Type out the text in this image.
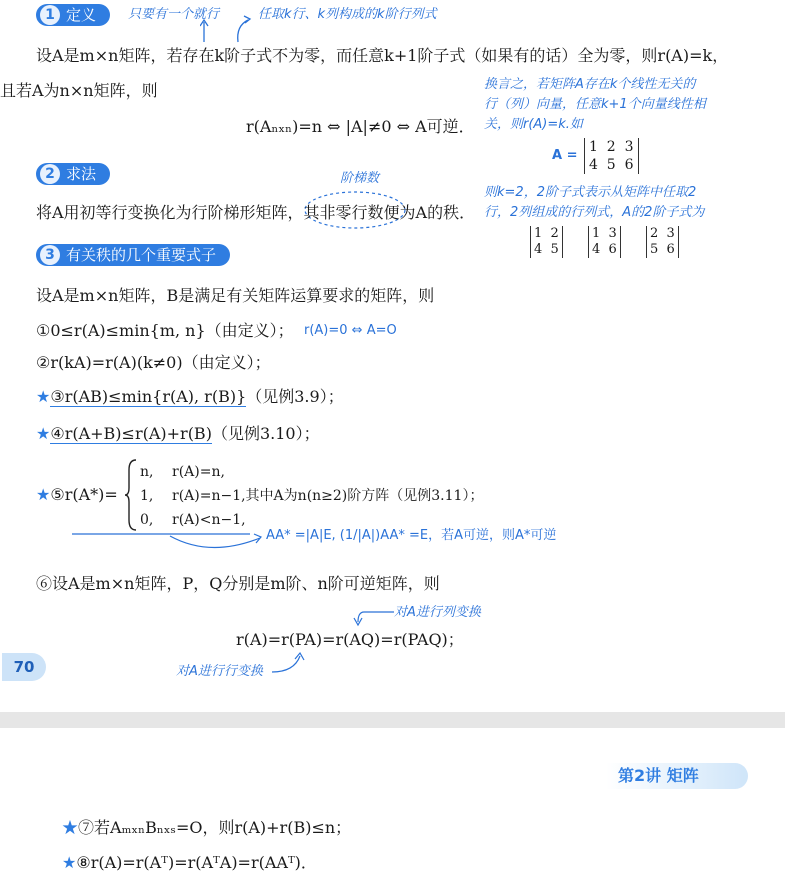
1 定义	只要有一个就行	任取k行、k列构成的k阶行列式
设A是m×n矩阵，若存在k阶子式不为零，而任意k+1阶子式（如果有的话）全为零，则r(A)=k，
且若A为n×n矩阵，则
r(Aₙₓₙ)=n ⇔ |A|≠0 ⇔ A可逆．
换言之，若矩阵A存在k个线性无关的
行（列）向量，任意k+1个向量线性相
关，则r(A)=k.如
A =
1  2  3
4  5  6
则k=2，2阶子式表示从矩阵中任取2
行，2列组成的行列式，A的2阶子式为
1  2
4  5
1  3
4  6
2  3
5  6
2 求法	阶梯数
将A用初等行变换化为行阶梯形矩阵，其非零行数便为A的秩．
3 有关秩的几个重要式子
设A是m×n矩阵，B是满足有关矩阵运算要求的矩阵，则
①0≤r(A)≤min{m, n}（由定义）； r(A)=0 ⇔ A=O
②r(kA)=r(A)(k≠0)（由定义）；
★③r(AB)≤min{r(A), r(B)}（见例3.9）；
★④r(A+B)≤r(A)+r(B)（见例3.10）；
★⑤r(A*)=
n,
1,
0,
r(A)=n,
r(A)=n−1,其中A为n(n≥2)阶方阵（见例3.11）；
r(A)<n−1,
AA* =|A|E, (1/|A|)AA* =E，若A可逆，则A*可逆
⑥设A是m×n矩阵，P，Q分别是m阶、n阶可逆矩阵，则
对A进行列变换
r(A)=r(PA)=r(AQ)=r(PAQ)；
对A进行行变换
70
第2讲 矩阵
★⑦若AₘₓₙBₙₓₛ=O，则r(A)+r(B)≤n；
★⑧r(A)=r(Aᵀ)=r(AᵀA)=r(AAᵀ)．
